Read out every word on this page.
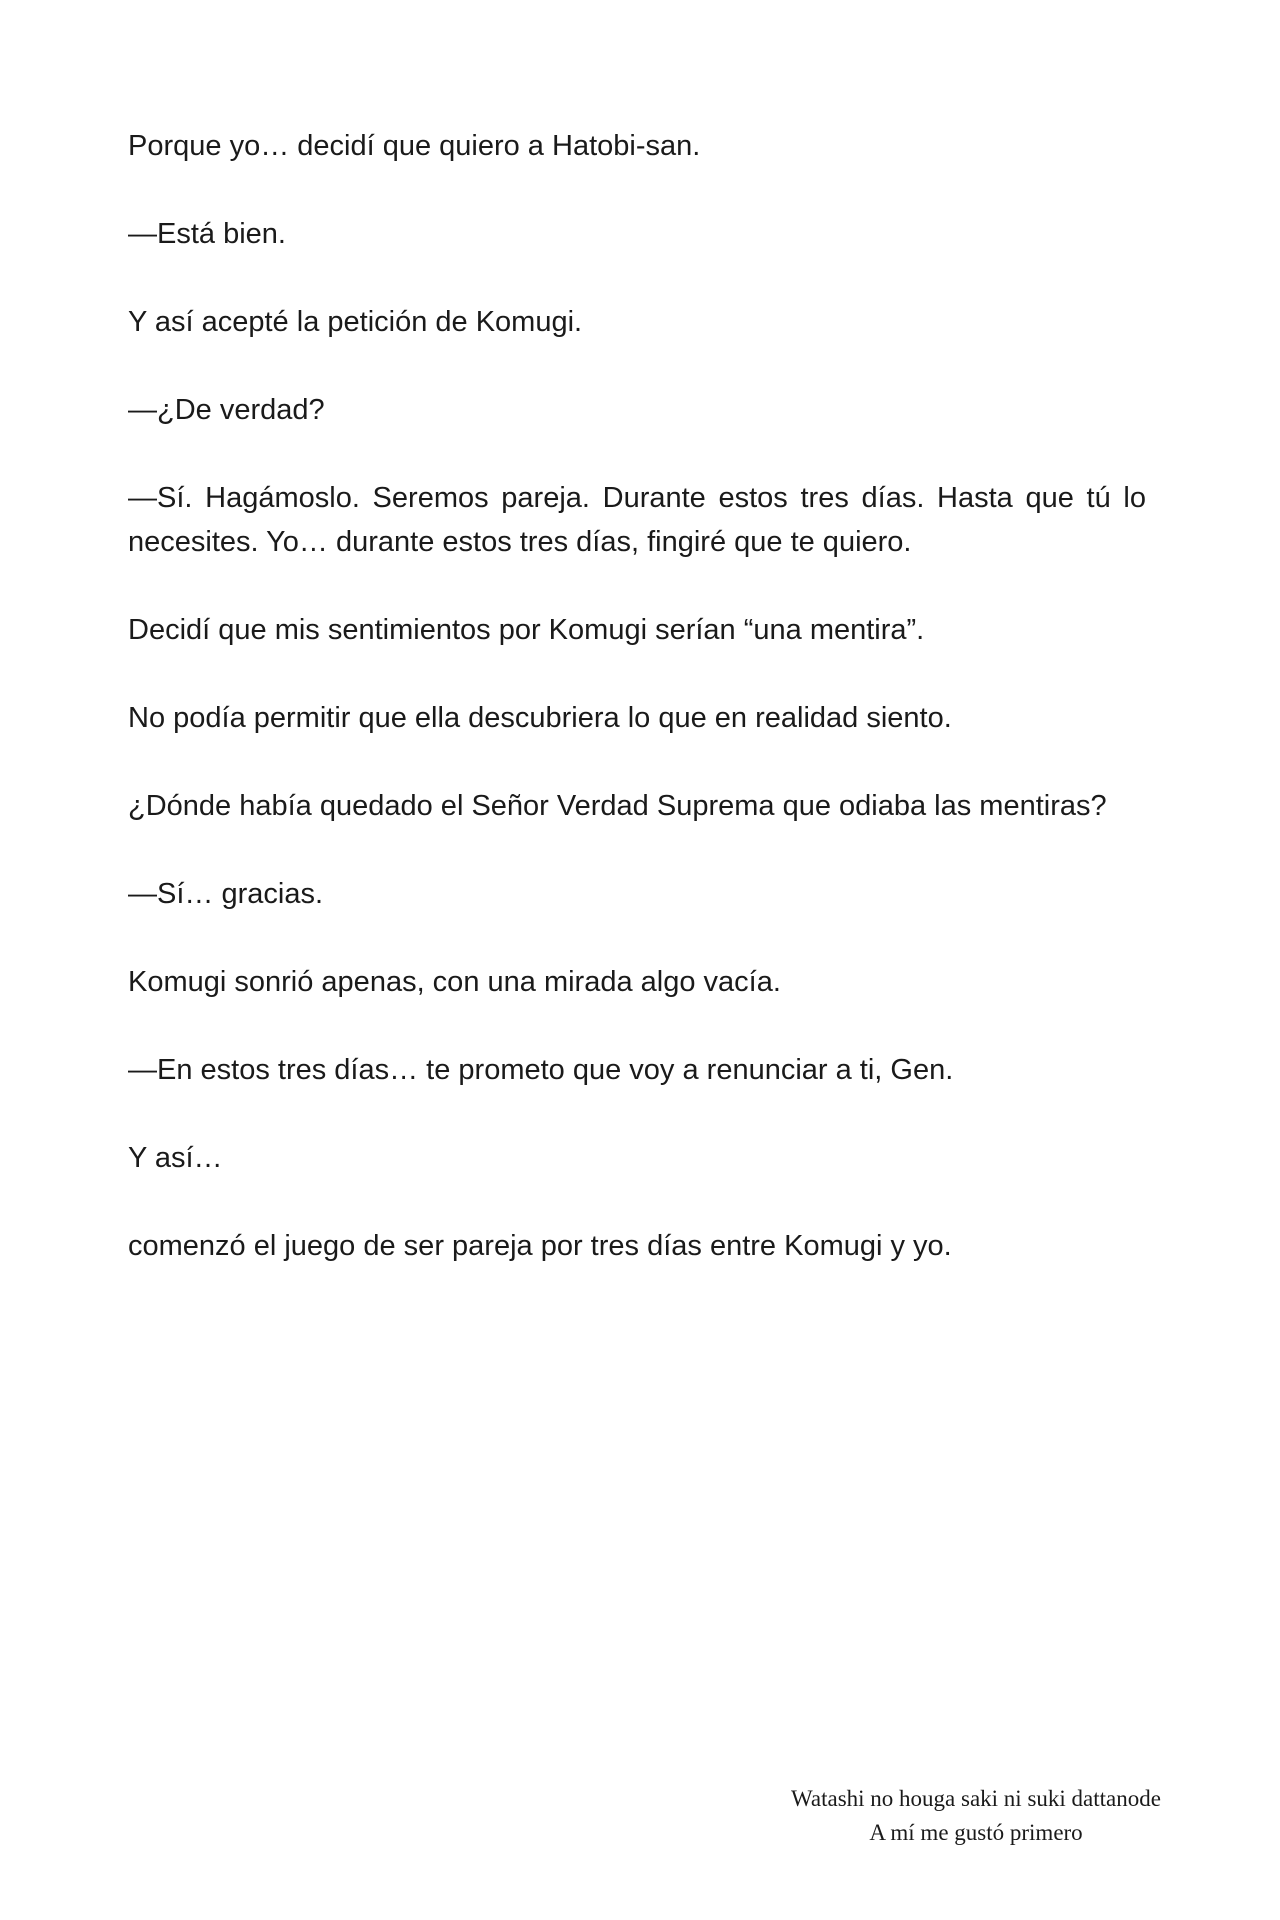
Porque yo… decidí que quiero a Hatobi-san.

—Está bien.

Y así acepté la petición de Komugi.

—¿De verdad?

—Sí. Hagámoslo. Seremos pareja. Durante estos tres días. Hasta que tú lo necesites. Yo… durante estos tres días, fingiré que te quiero.

Decidí que mis sentimientos por Komugi serían “una mentira”.

No podía permitir que ella descubriera lo que en realidad siento.

¿Dónde había quedado el Señor Verdad Suprema que odiaba las mentiras?

—Sí… gracias.

Komugi sonrió apenas, con una mirada algo vacía.

—En estos tres días… te prometo que voy a renunciar a ti, Gen.

Y así…

comenzó el juego de ser pareja por tres días entre Komugi y yo.

Watashi no houga saki ni suki dattanode
A mí me gustó primero
